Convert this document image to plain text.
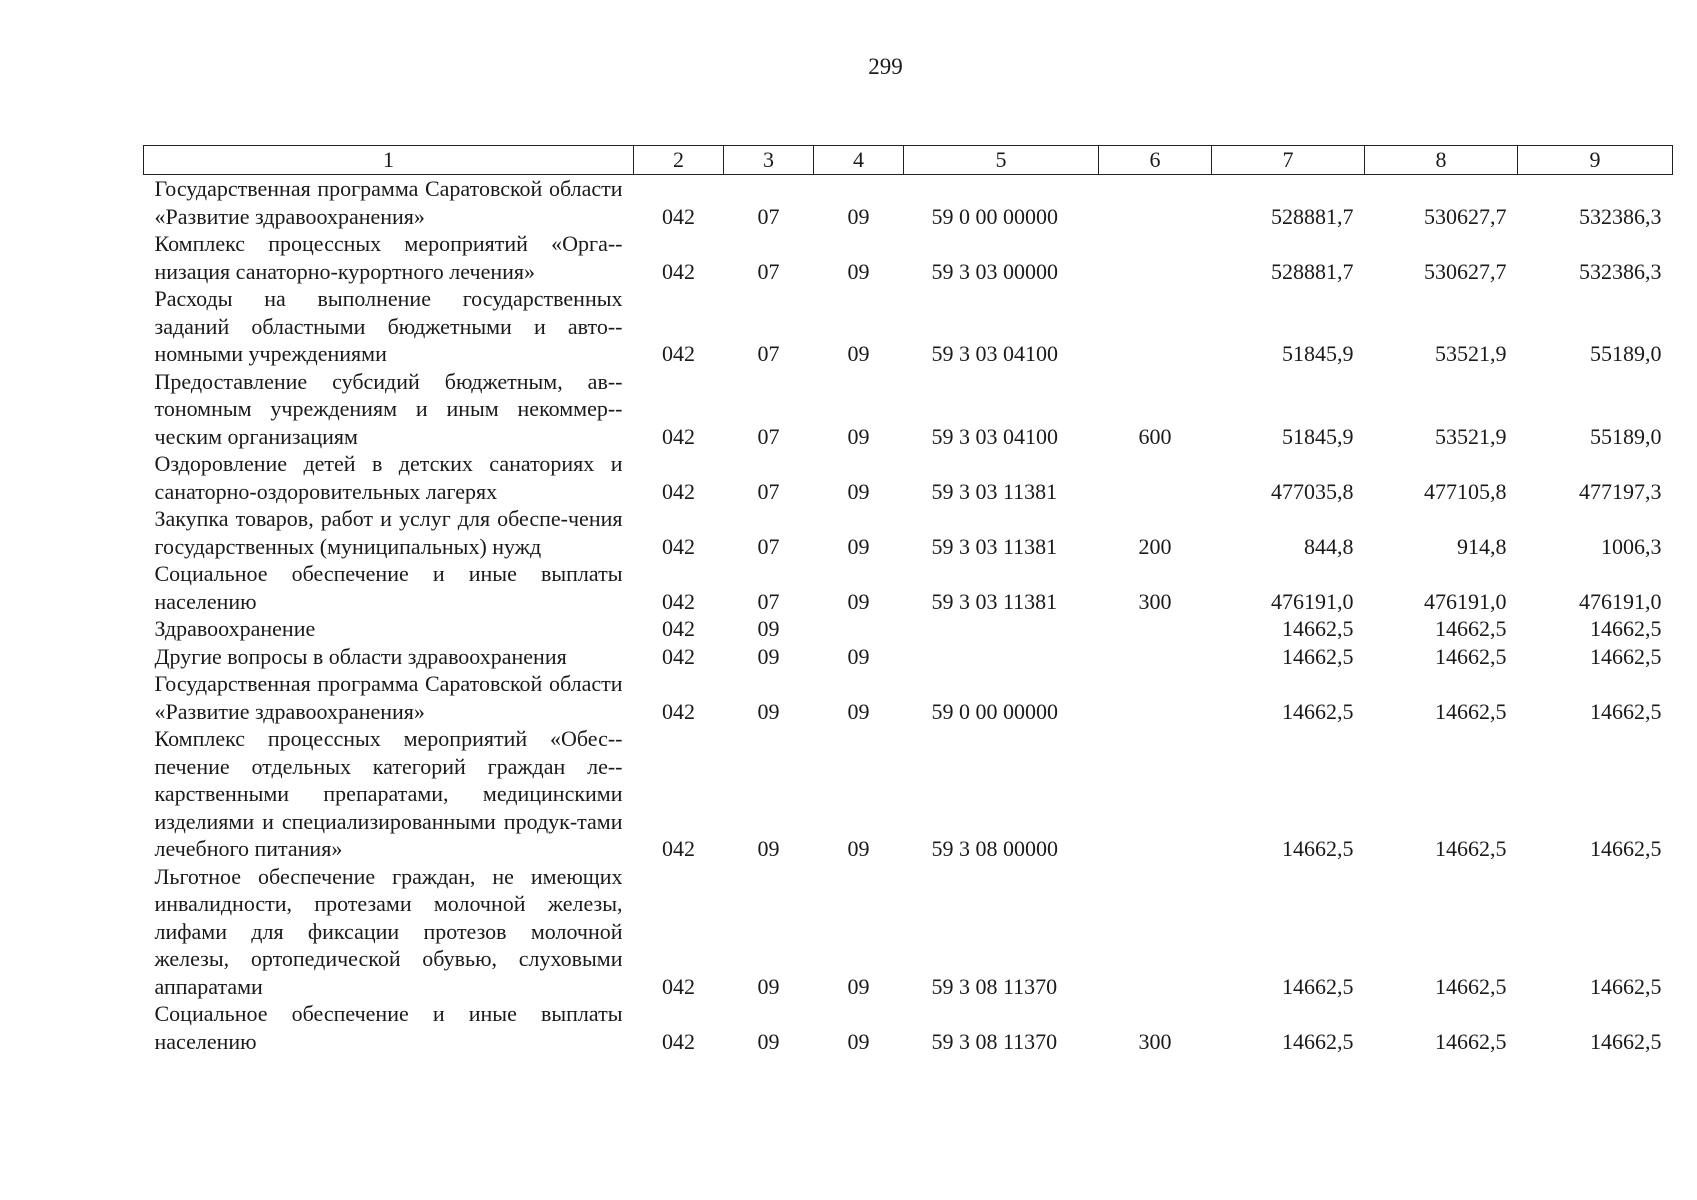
299
1	2	3	4	5	6	7	8	9
Государственная программа Саратовской области «Развитие здравоохранения»	042	07	09	59 0 00 00000		528881,7	530627,7	532386,3
Комплекс процессных мероприятий «Орга-низация санаторно-курортного лечения»	042	07	09	59 3 03 00000		528881,7	530627,7	532386,3
Расходы на выполнение государственных заданий областными бюджетными и авто-номными учреждениями	042	07	09	59 3 03 04100		51845,9	53521,9	55189,0
Предоставление субсидий бюджетным, ав-тономным учреждениям и иным некоммер-ческим организациям	042	07	09	59 3 03 04100	600	51845,9	53521,9	55189,0
Оздоровление детей в детских санаториях и санаторно-оздоровительных лагерях	042	07	09	59 3 03 11381		477035,8	477105,8	477197,3
Закупка товаров, работ и услуг для обеспе-чения государственных (муниципальных) нужд	042	07	09	59 3 03 11381	200	844,8	914,8	1006,3
Социальное обеспечение и иные выплаты населению	042	07	09	59 3 03 11381	300	476191,0	476191,0	476191,0
Здравоохранение	042	09				14662,5	14662,5	14662,5
Другие вопросы в области здравоохранения	042	09	09			14662,5	14662,5	14662,5
Государственная программа Саратовской области «Развитие здравоохранения»	042	09	09	59 0 00 00000		14662,5	14662,5	14662,5
Комплекс процессных мероприятий «Обес-печение отдельных категорий граждан ле-карственными препаратами, медицинскими изделиями и специализированными продук-тами лечебного питания»	042	09	09	59 3 08 00000		14662,5	14662,5	14662,5
Льготное обеспечение граждан, не имеющих инвалидности, протезами молочной железы, лифами для фиксации протезов молочной железы, ортопедической обувью, слуховыми аппаратами	042	09	09	59 3 08 11370		14662,5	14662,5	14662,5
Социальное обеспечение и иные выплаты населению	042	09	09	59 3 08 11370	300	14662,5	14662,5	14662,5
